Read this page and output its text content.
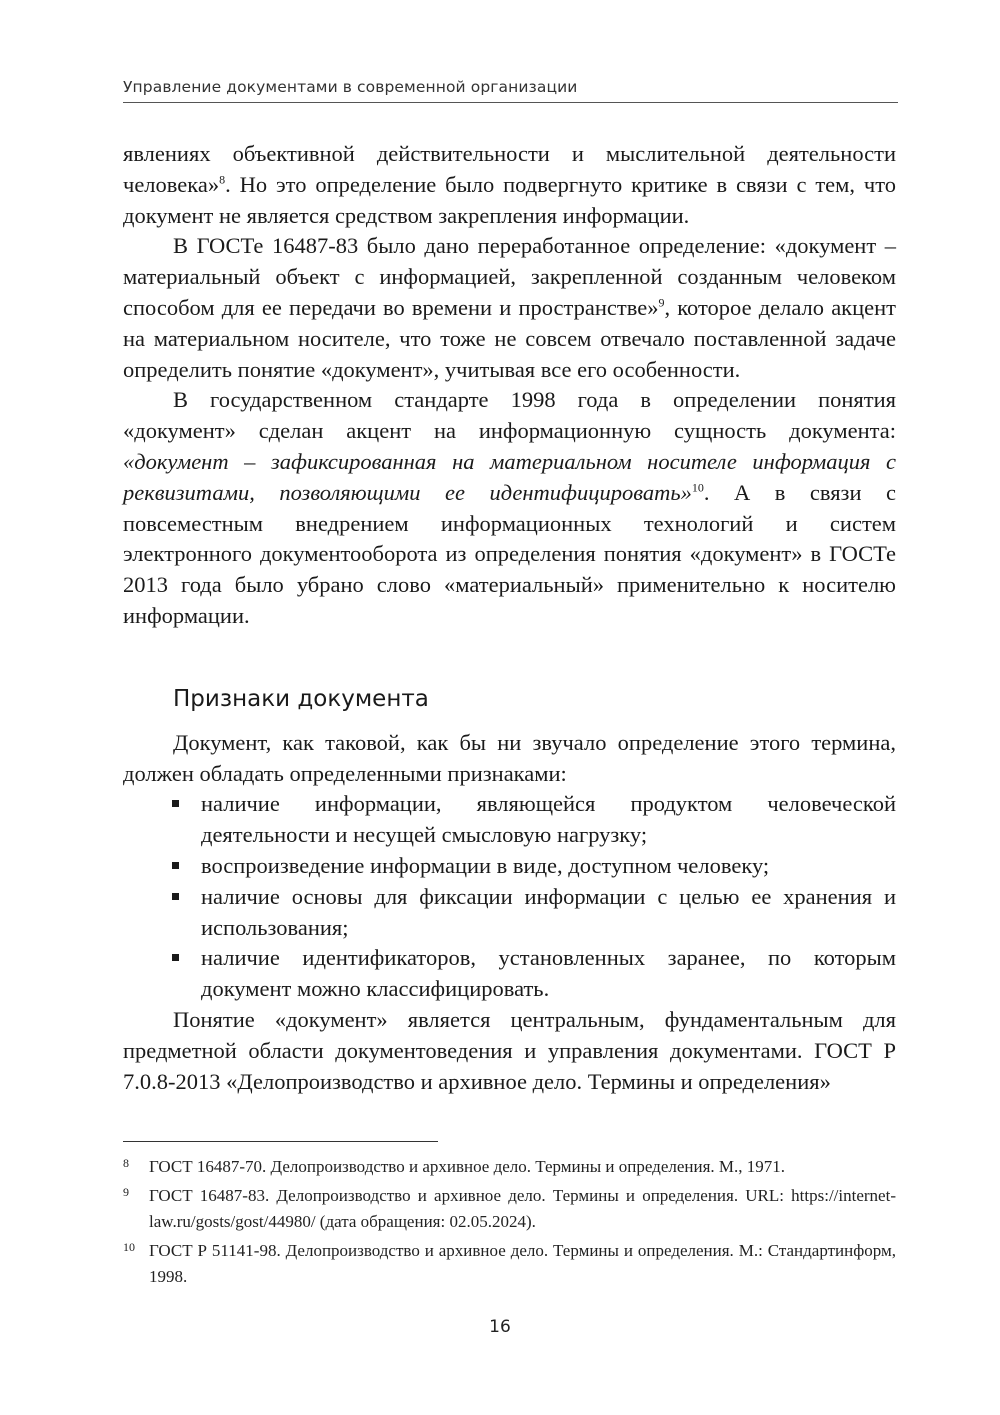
Управление документами в современной организации

явлениях объективной действительности и мыслительной деятельности человека»$^8$. Но это определение было подвергнуто критике в связи с тем, что документ не является средством закрепления информации.

В ГОСТе 16487-83 было дано переработанное определение: «документ – материальный объект с информацией, закрепленной созданным человеком способом для ее передачи во времени и пространстве»$^9$, которое делало акцент на материальном носителе, что тоже не совсем отвечало поставленной задаче определить понятие «документ», учитывая все его особенности.

В государственном стандарте 1998 года в определении понятия «документ» сделан акцент на информационную сущность документа: «документ – зафиксированная на материальном носителе информация с реквизитами, позволяющими ее идентифицировать»$^{10}$. А в связи с повсеместным внедрением информационных технологий и систем электронного документооборота из определения понятия «документ» в ГОСТе 2013 года было убрано слово «материальный» применительно к носителю информации.

Признаки документа

Документ, как таковой, как бы ни звучало определение этого термина, должен обладать определенными признаками:

наличие информации, являющейся продуктом человеческой деятельности и несущей смысловую нагрузку;
воспроизведение информации в виде, доступном человеку;
наличие основы для фиксации информации с целью ее хранения и использования;
наличие идентификаторов, установленных заранее, по которым документ можно классифицировать.

Понятие «документ» является центральным, фундаментальным для предметной области документоведения и управления документами. ГОСТ Р 7.0.8-2013 «Делопроизводство и архивное дело. Термины и определения»

8 ГОСТ 16487-70. Делопроизводство и архивное дело. Термины и определения. М., 1971.
9 ГОСТ 16487-83. Делопроизводство и архивное дело. Термины и определения. URL: https://internet-law.ru/gosts/gost/44980/ (дата обращения: 02.05.2024).
10 ГОСТ Р 51141-98. Делопроизводство и архивное дело. Термины и определения. М.: Стандартинформ, 1998.
16
